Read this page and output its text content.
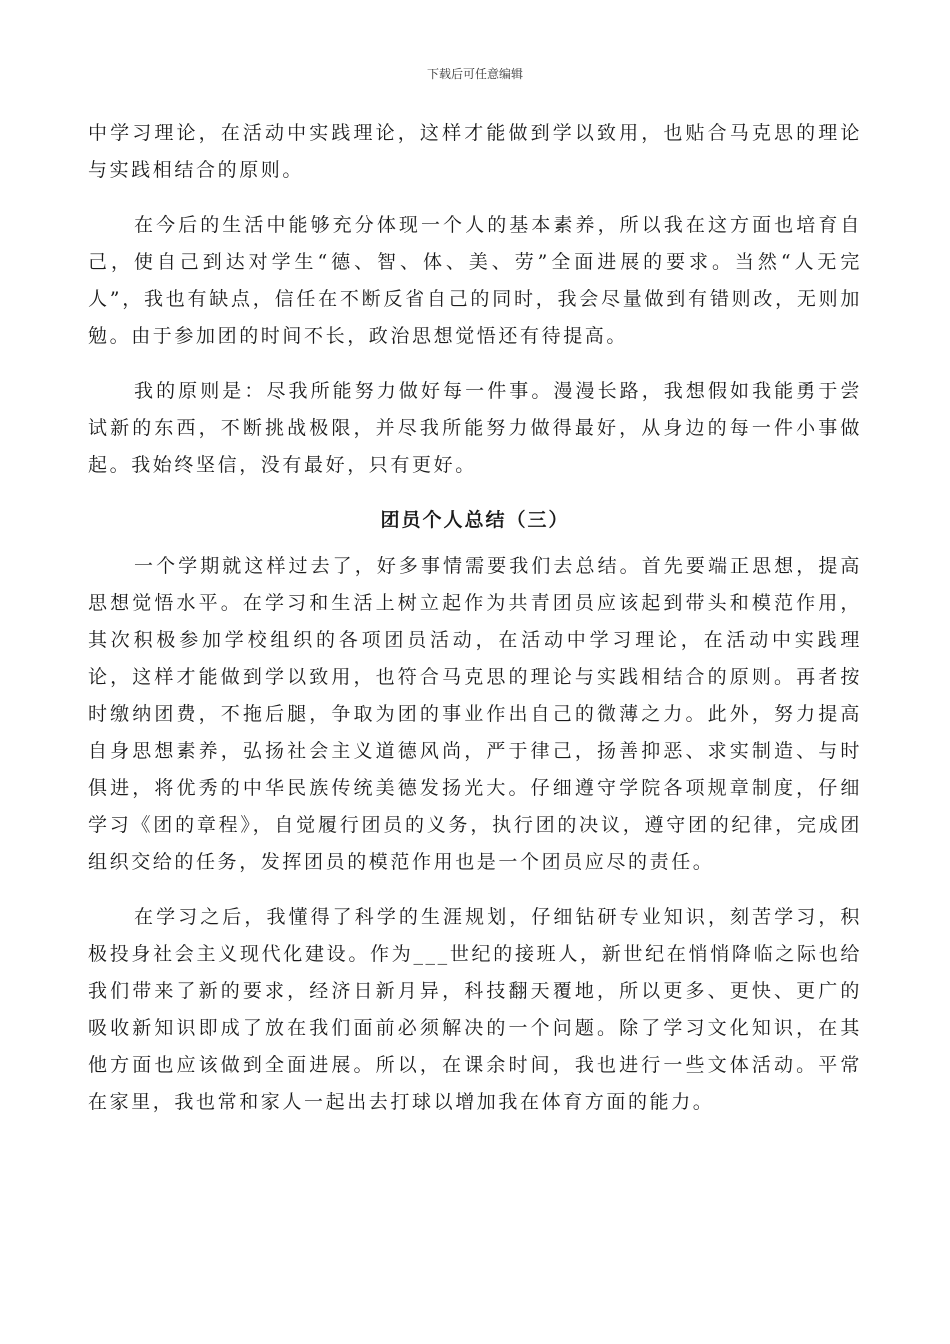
下载后可任意编辑

中学习理论，在活动中实践理论，这样才能做到学以致用，也贴合马克思的理论与实践相结合的原则。

在今后的生活中能够充分体现一个人的基本素养，所以我在这方面也培育自己，使自己到达对学生“德、智、体、美、劳”全面进展的要求。当然“人无完人”，我也有缺点，信任在不断反省自己的同时，我会尽量做到有错则改，无则加勉。由于参加团的时间不长，政治思想觉悟还有待提高。

我的原则是：尽我所能努力做好每一件事。漫漫长路，我想假如我能勇于尝试新的东西，不断挑战极限，并尽我所能努力做得最好，从身边的每一件小事做起。我始终坚信，没有最好，只有更好。

团员个人总结（三）

一个学期就这样过去了，好多事情需要我们去总结。首先要端正思想，提高思想觉悟水平。在学习和生活上树立起作为共青团员应该起到带头和模范作用，其次积极参加学校组织的各项团员活动，在活动中学习理论，在活动中实践理论，这样才能做到学以致用，也符合马克思的理论与实践相结合的原则。再者按时缴纳团费，不拖后腿，争取为团的事业作出自己的微薄之力。此外，努力提高自身思想素养，弘扬社会主义道德风尚，严于律己，扬善抑恶、求实制造、与时俱进，将优秀的中华民族传统美德发扬光大。仔细遵守学院各项规章制度，仔细学习《团的章程》，自觉履行团员的义务，执行团的决议，遵守团的纪律，完成团组织交给的任务，发挥团员的模范作用也是一个团员应尽的责任。

在学习之后，我懂得了科学的生涯规划，仔细钻研专业知识，刻苦学习，积极投身社会主义现代化建设。作为___世纪的接班人，新世纪在悄悄降临之际也给我们带来了新的要求，经济日新月异，科技翻天覆地，所以更多、更快、更广的吸收新知识即成了放在我们面前必须解决的一个问题。除了学习文化知识，在其他方面也应该做到全面进展。所以，在课余时间，我也进行一些文体活动。平常在家里，我也常和家人一起出去打球以增加我在体育方面的能力。
